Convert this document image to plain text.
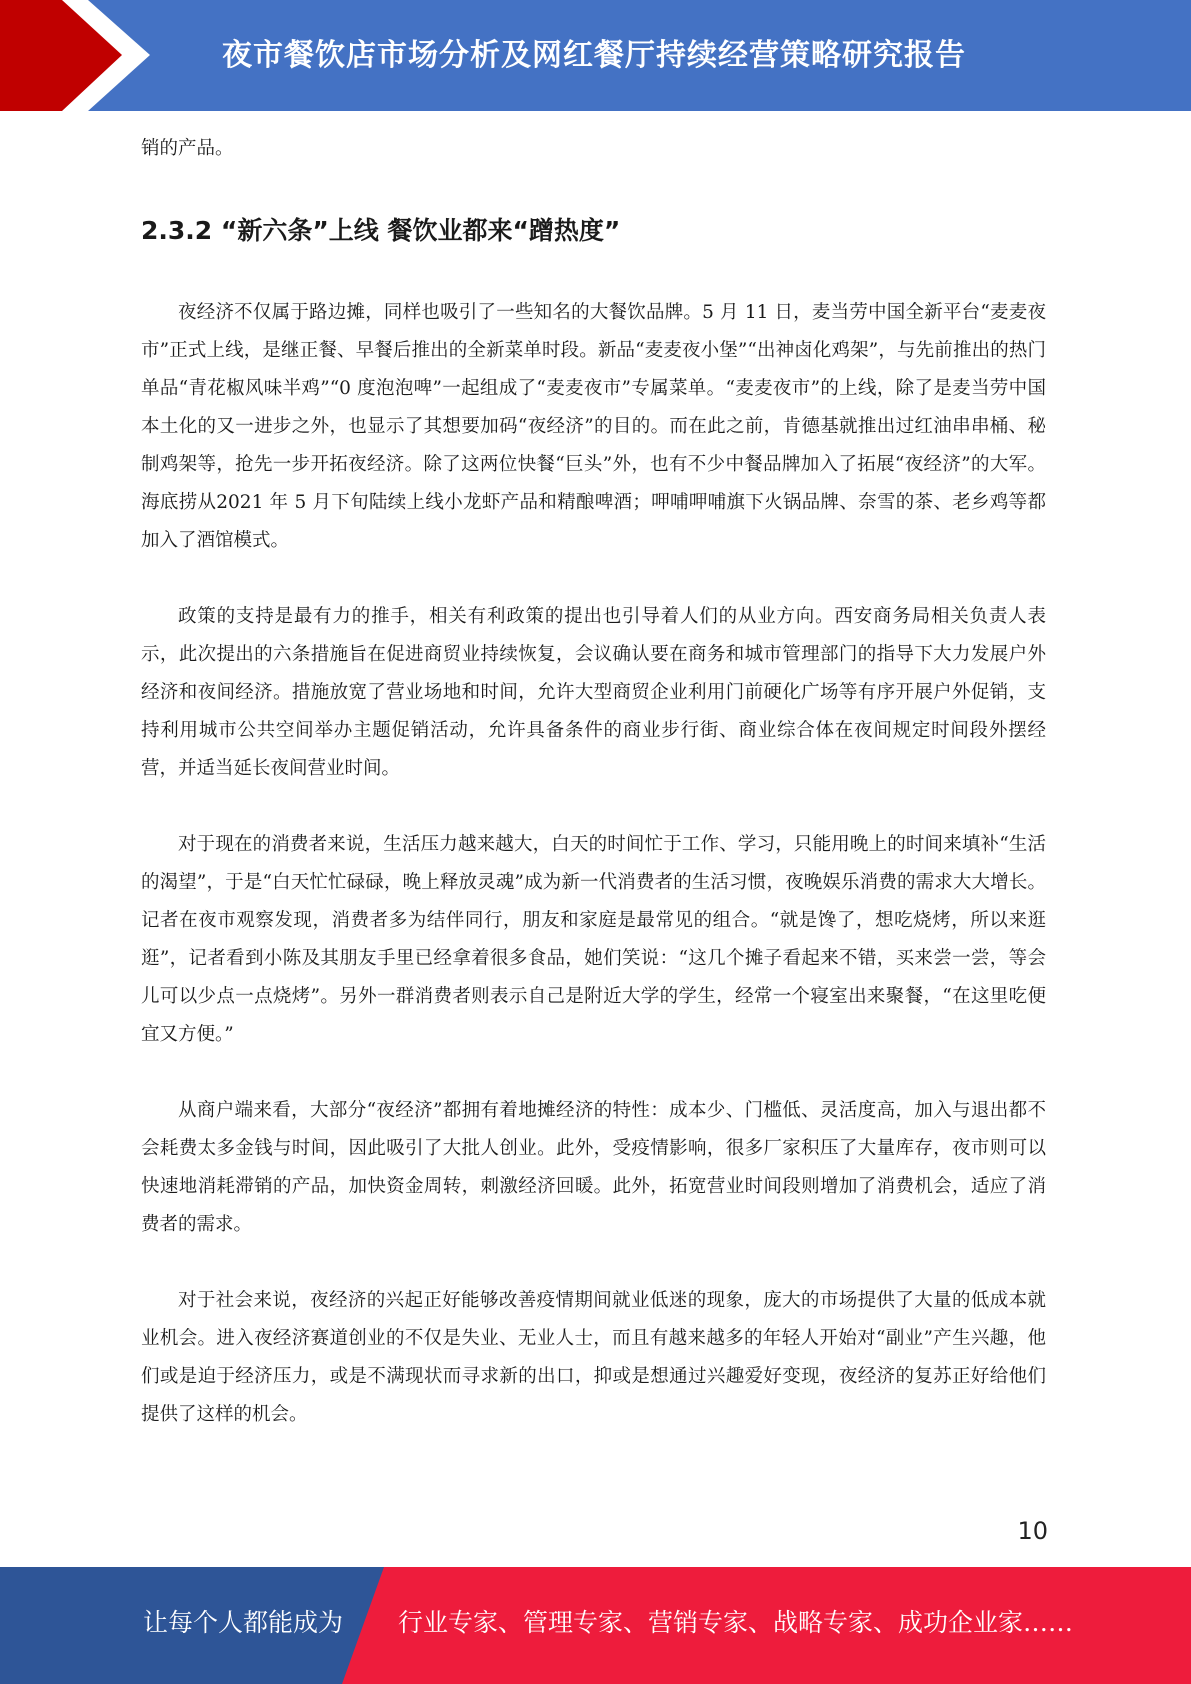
夜市餐饮店市场分析及网红餐厅持续经营策略研究报告

销的产品。

2.3.2 “新六条”上线 餐饮业都来“蹭热度”

夜经济不仅属于路边摊，同样也吸引了一些知名的大餐饮品牌。5 月 11 日，麦当劳中国全新平台“麦麦夜市”正式上线，是继正餐、早餐后推出的全新菜单时段。新品“麦麦夜小堡”“出神卤化鸡架”，与先前推出的热门单品“青花椒风味半鸡”“0 度泡泡啤”一起组成了“麦麦夜市”专属菜单。“麦麦夜市”的上线，除了是麦当劳中国本土化的又一进步之外，也显示了其想要加码“夜经济”的目的。而在此之前，肯德基就推出过红油串串桶、秘制鸡架等，抢先一步开拓夜经济。除了这两位快餐“巨头”外，也有不少中餐品牌加入了拓展“夜经济”的大军。海底捞从2021 年 5 月下旬陆续上线小龙虾产品和精酿啤酒；呷哺呷哺旗下火锅品牌、奈雪的茶、老乡鸡等都加入了酒馆模式。

政策的支持是最有力的推手，相关有利政策的提出也引导着人们的从业方向。西安商务局相关负责人表示，此次提出的六条措施旨在促进商贸业持续恢复，会议确认要在商务和城市管理部门的指导下大力发展户外经济和夜间经济。措施放宽了营业场地和时间，允许大型商贸企业利用门前硬化广场等有序开展户外促销，支持利用城市公共空间举办主题促销活动，允许具备条件的商业步行街、商业综合体在夜间规定时间段外摆经营，并适当延长夜间营业时间。

对于现在的消费者来说，生活压力越来越大，白天的时间忙于工作、学习，只能用晚上的时间来填补“生活的渴望”，于是“白天忙忙碌碌，晚上释放灵魂”成为新一代消费者的生活习惯，夜晚娱乐消费的需求大大增长。记者在夜市观察发现，消费者多为结伴同行，朋友和家庭是最常见的组合。“就是馋了，想吃烧烤，所以来逛逛”，记者看到小陈及其朋友手里已经拿着很多食品，她们笑说：“这几个摊子看起来不错，买来尝一尝，等会儿可以少点一点烧烤”。另外一群消费者则表示自己是附近大学的学生，经常一个寝室出来聚餐，“在这里吃便宜又方便。”

从商户端来看，大部分“夜经济”都拥有着地摊经济的特性：成本少、门槛低、灵活度高，加入与退出都不会耗费太多金钱与时间，因此吸引了大批人创业。此外，受疫情影响，很多厂家积压了大量库存，夜市则可以快速地消耗滞销的产品，加快资金周转，刺激经济回暖。此外，拓宽营业时间段则增加了消费机会，适应了消费者的需求。

对于社会来说，夜经济的兴起正好能够改善疫情期间就业低迷的现象，庞大的市场提供了大量的低成本就业机会。进入夜经济赛道创业的不仅是失业、无业人士，而且有越来越多的年轻人开始对“副业”产生兴趣，他们或是迫于经济压力，或是不满现状而寻求新的出口，抑或是想通过兴趣爱好变现，夜经济的复苏正好给他们提供了这样的机会。

10
让每个人都能成为 行业专家、管理专家、营销专家、战略专家、成功企业家……
